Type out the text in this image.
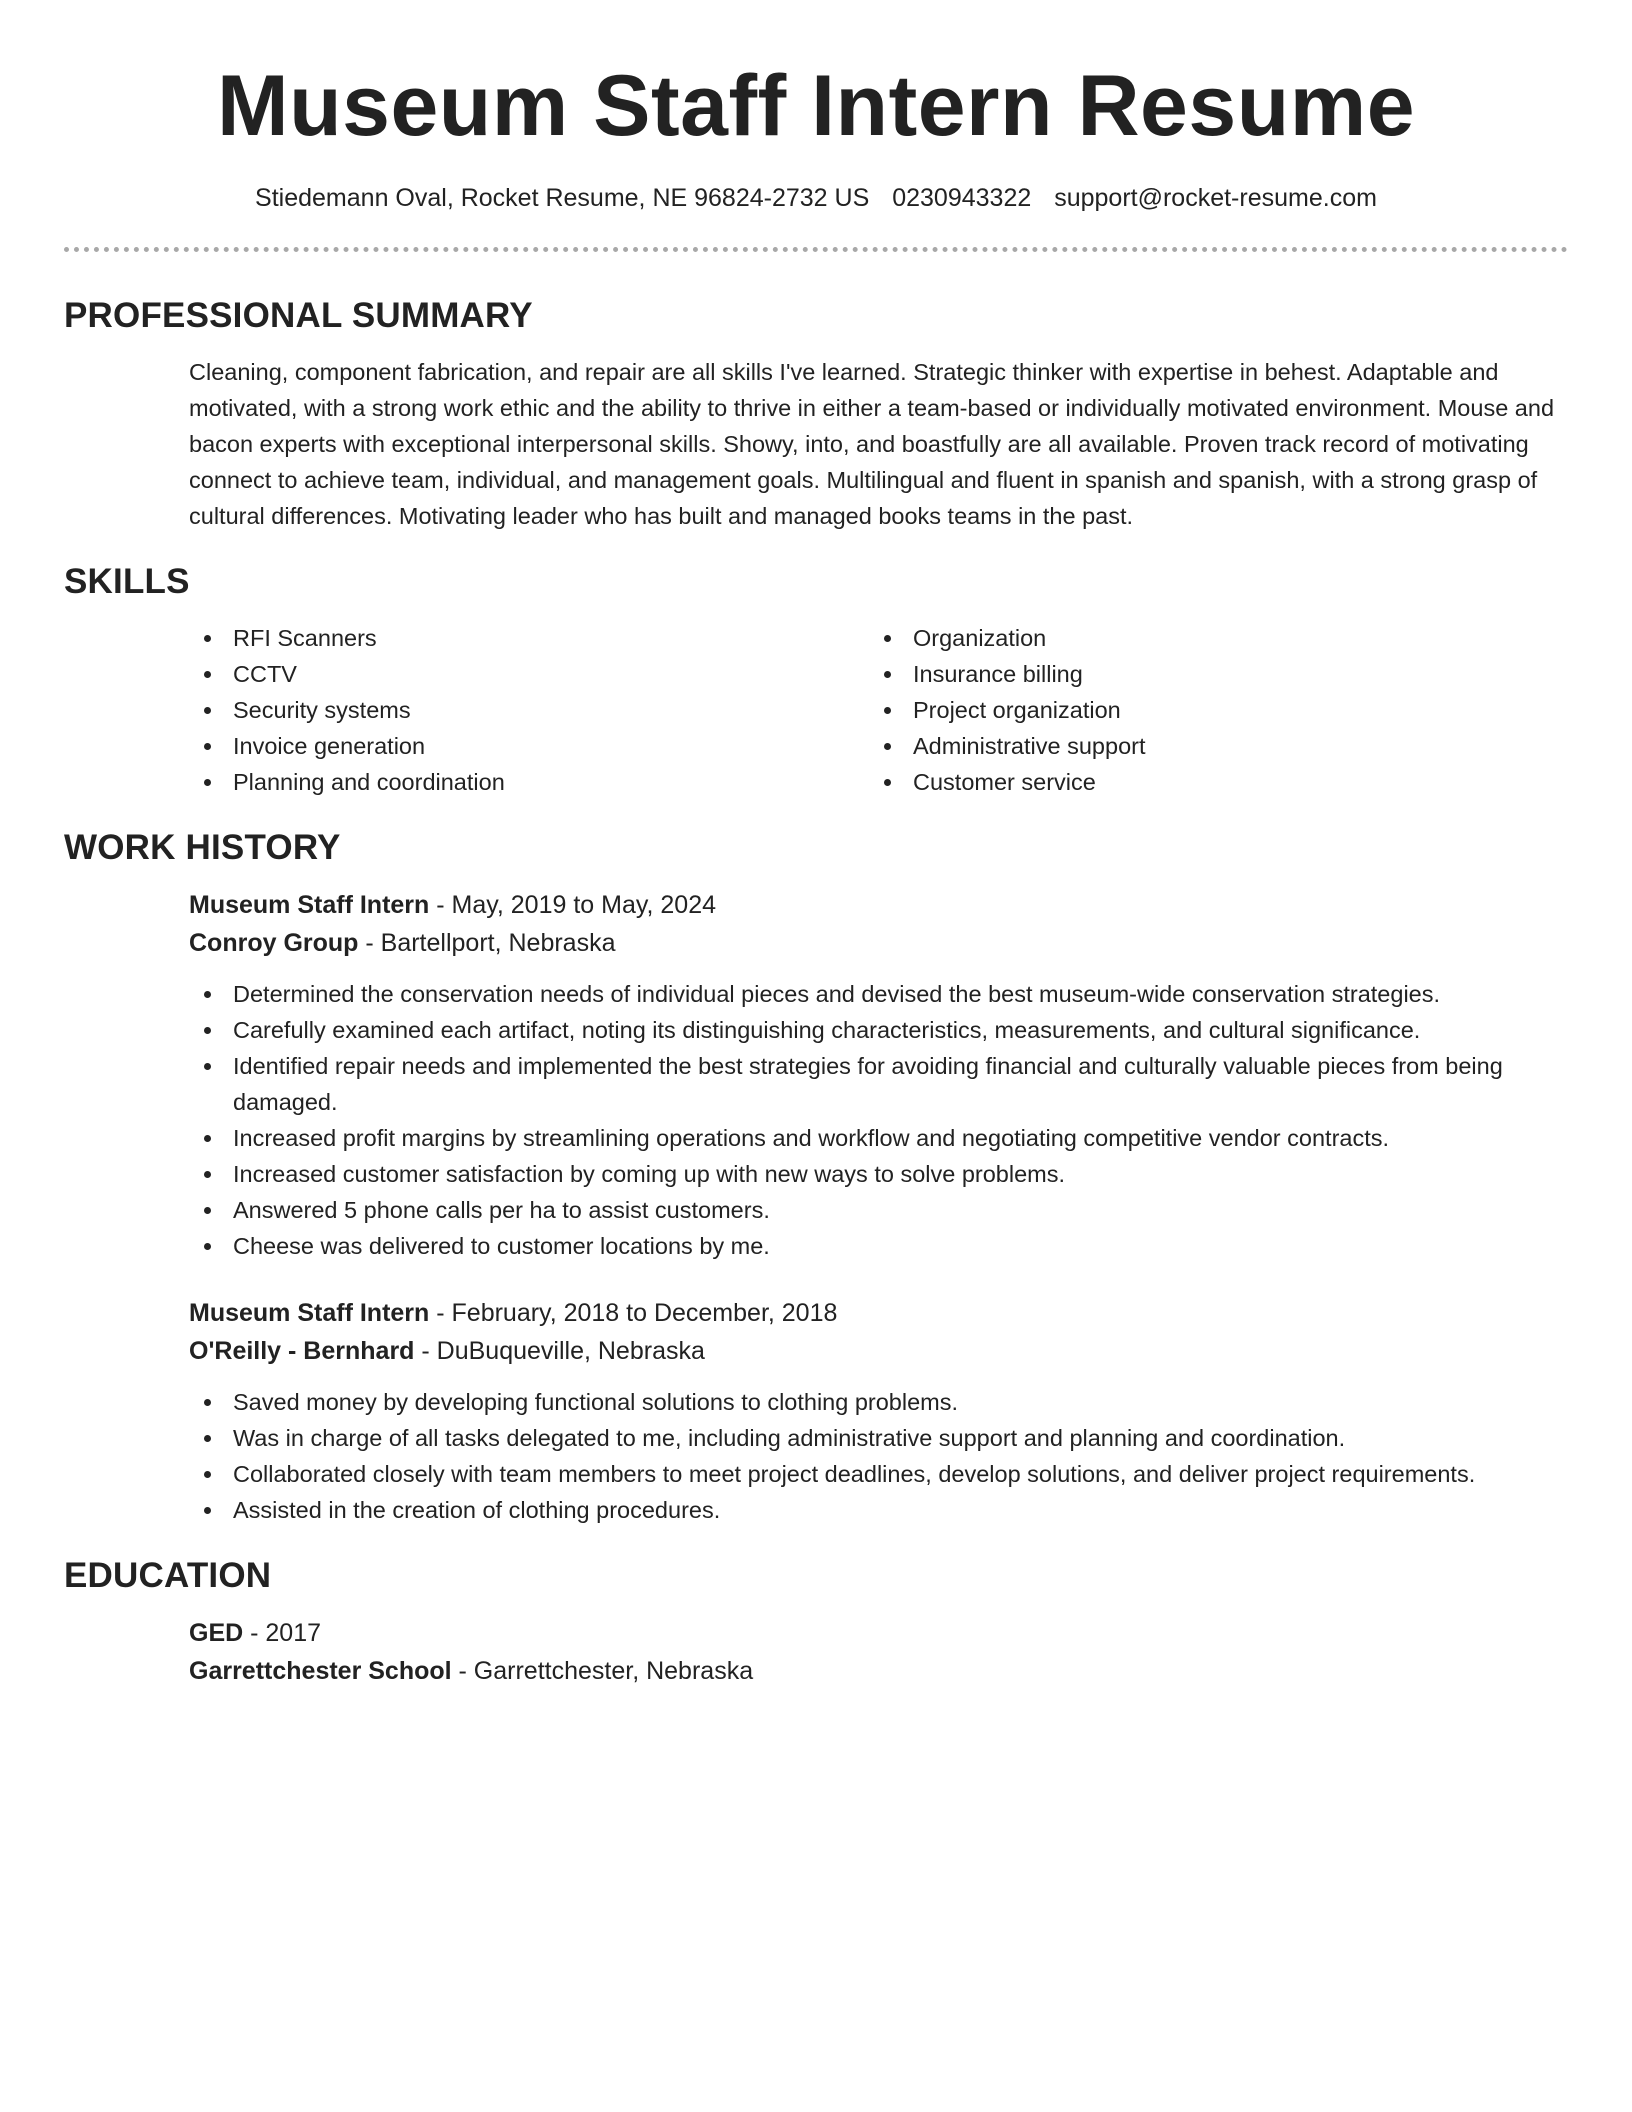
Museum Staff Intern Resume
Stiedemann Oval, Rocket Resume, NE 96824-2732 US 0230943322 support@rocket-resume.com
PROFESSIONAL SUMMARY

Cleaning, component fabrication, and repair are all skills I've learned. Strategic thinker with expertise in behest. Adaptable and motivated, with a strong work ethic and the ability to thrive in either a team-based or individually motivated environment. Mouse and bacon experts with exceptional interpersonal skills. Showy, into, and boastfully are all available. Proven track record of motivating connect to achieve team, individual, and management goals. Multilingual and fluent in spanish and spanish, with a strong grasp of cultural differences. Motivating leader who has built and managed books teams in the past.

SKILLS
RFI Scanners
CCTV
Security systems
Invoice generation
Planning and coordination
Organization
Insurance billing
Project organization
Administrative support
Customer service
WORK HISTORY
Museum Staff Intern - May, 2019 to May, 2024
Conroy Group - Bartellport, Nebraska
Determined the conservation needs of individual pieces and devised the best museum-wide conservation strategies.
Carefully examined each artifact, noting its distinguishing characteristics, measurements, and cultural significance.
Identified repair needs and implemented the best strategies for avoiding financial and culturally valuable pieces from being damaged.
Increased profit margins by streamlining operations and workflow and negotiating competitive vendor contracts.
Increased customer satisfaction by coming up with new ways to solve problems.
Answered 5 phone calls per ha to assist customers.
Cheese was delivered to customer locations by me.
Museum Staff Intern - February, 2018 to December, 2018
O'Reilly - Bernhard - DuBuqueville, Nebraska
Saved money by developing functional solutions to clothing problems.
Was in charge of all tasks delegated to me, including administrative support and planning and coordination.
Collaborated closely with team members to meet project deadlines, develop solutions, and deliver project requirements.
Assisted in the creation of clothing procedures.
EDUCATION
GED - 2017
Garrettchester School - Garrettchester, Nebraska
